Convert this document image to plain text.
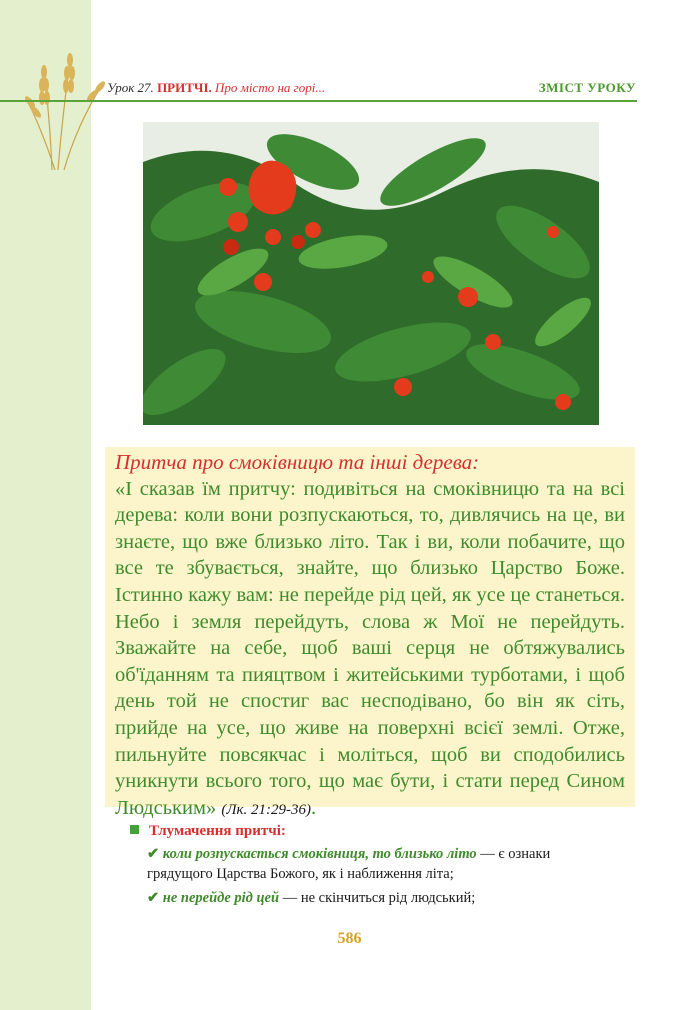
Урок 27. ПРИТЧІ. Про місто на горі...	ЗМІСТ УРОКУ
Притча про смоківницю та інші дерева:
«І сказав їм притчу: подивіться на смоківницю та на всі дерева: коли вони розпускаються, то, дивлячись на це, ви знаєте, що вже близько літо. Так і ви, коли побачите, що все те збувається, знайте, що близько Царство Боже. Істинно кажу вам: не перейде рід цей, як усе це станеться. Небо і земля перейдуть, слова ж Мої не перейдуть. Зважайте на себе, щоб ваші серця не обтяжувались об'їданням та пияцтвом і житейськими турботами, і щоб день той не спостиг вас несподівано, бо він як сіть, прийде на усе, що живе на поверхні всієї землі. Отже, пильнуйте повсякчас і моліться, щоб ви сподобились уникнути всього того, що має бути, і стати перед Сином Людським» (Лк. 21:29-36).
Тлумачення притчі:
✔ коли розпускається смоківниця, то близько літо — є ознаки
грядущого Царства Божого, як і наближення літа;
✔ не перейде рід цей — не скінчиться рід людський;
586
